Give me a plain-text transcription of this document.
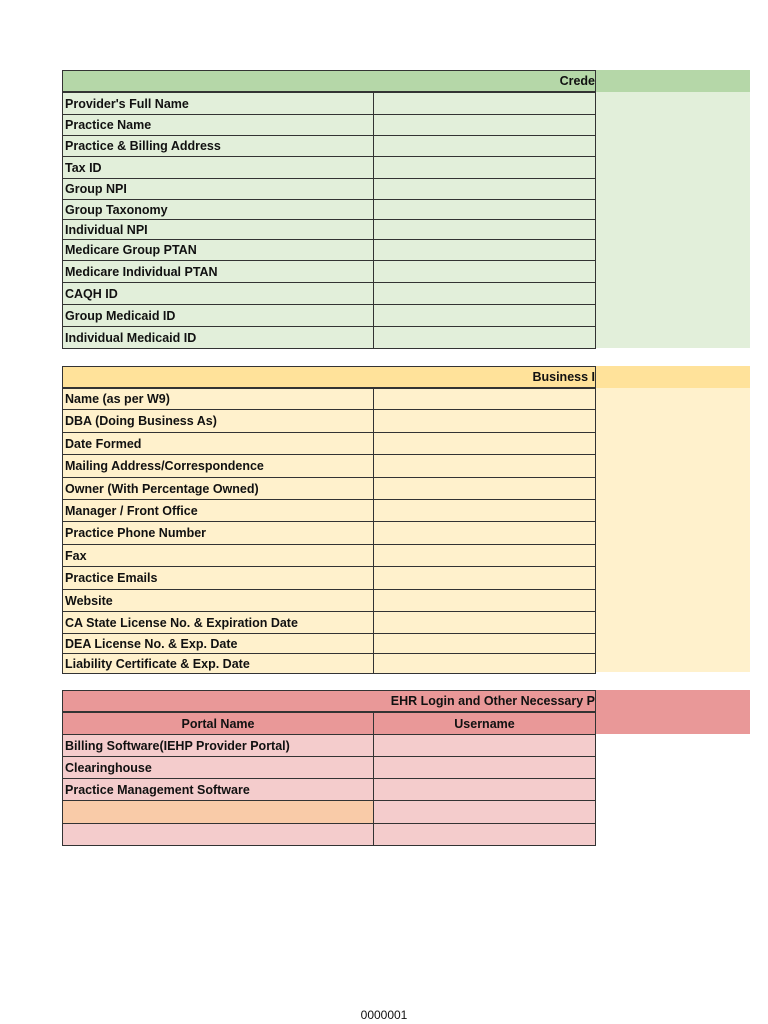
Crede
Provider's Full Name	
Practice Name	
Practice & Billing Address	
Tax ID	
Group NPI	
Group Taxonomy	
Individual NPI	
Medicare Group PTAN	
Medicare Individual PTAN	
CAQH ID	
Group Medicaid ID	
Individual Medicaid ID	
Business I
Name (as per W9)	
DBA (Doing Business As)	
Date Formed	
Mailing Address/Correspondence	
Owner (With Percentage Owned)	
Manager / Front Office	
Practice Phone Number	
Fax	
Practice Emails	
Website	
CA State License No. & Expiration Date	
DEA License No. & Exp. Date	
Liability Certificate & Exp. Date	
EHR Login and Other Necessary P
Portal Name	Username
Billing Software(IEHP Provider Portal)	
Clearinghouse	
Practice Management Software	

0000001
